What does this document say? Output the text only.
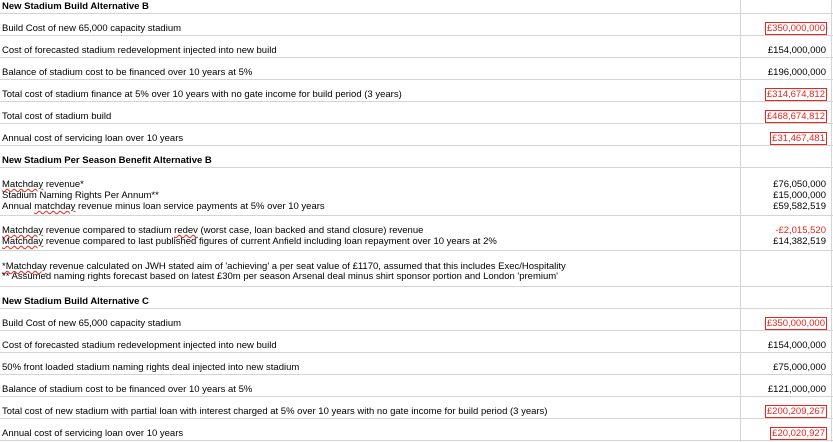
New Stadium Build Alternative B
Build Cost of new 65,000 capacity stadium	£350,000,000
Cost of forecasted stadium redevelopment injected into new build	£154,000,000
Balance of stadium cost to be financed over 10 years at 5%	£196,000,000
Total cost of stadium finance at 5% over 10 years with no gate income for build period (3 years)	£314,674,812
Total cost of stadium build	£468,674,812
Annual cost of servicing loan over 10 years	£31,467,481
New Stadium Per Season Benefit Alternative B
Matchday revenue*	£76,050,000
Stadium Naming Rights Per Annum**	£15,000,000
Annual matchday revenue minus loan service payments at 5% over 10 years	£59,582,519
Matchday revenue compared to stadium redev (worst case, loan backed and stand closure) revenue	-£2,015,520
Matchday revenue compared to last published figures of current Anfield including loan repayment over 10 years at 2%	£14,382,519
*Matchday revenue calculated on JWH stated aim of 'achieving' a per seat value of £1170, assumed that this includes Exec/Hospitality
** Assumed naming rights forecast based on latest £30m per season Arsenal deal minus shirt sponsor portion and London 'premium'
New Stadium Build Alternative C
Build Cost of new 65,000 capacity stadium	£350,000,000
Cost of forecasted stadium redevelopment injected into new build	£154,000,000
50% front loaded stadium naming rights deal injected into new stadium	£75,000,000
Balance of stadium cost to be financed over 10 years at 5%	£121,000,000
Total cost of new stadium with partial loan with interest charged at 5% over 10 years with no gate income for build period (3 years)	£200,209,267
Annual cost of servicing loan over 10 years	£20,020,927
